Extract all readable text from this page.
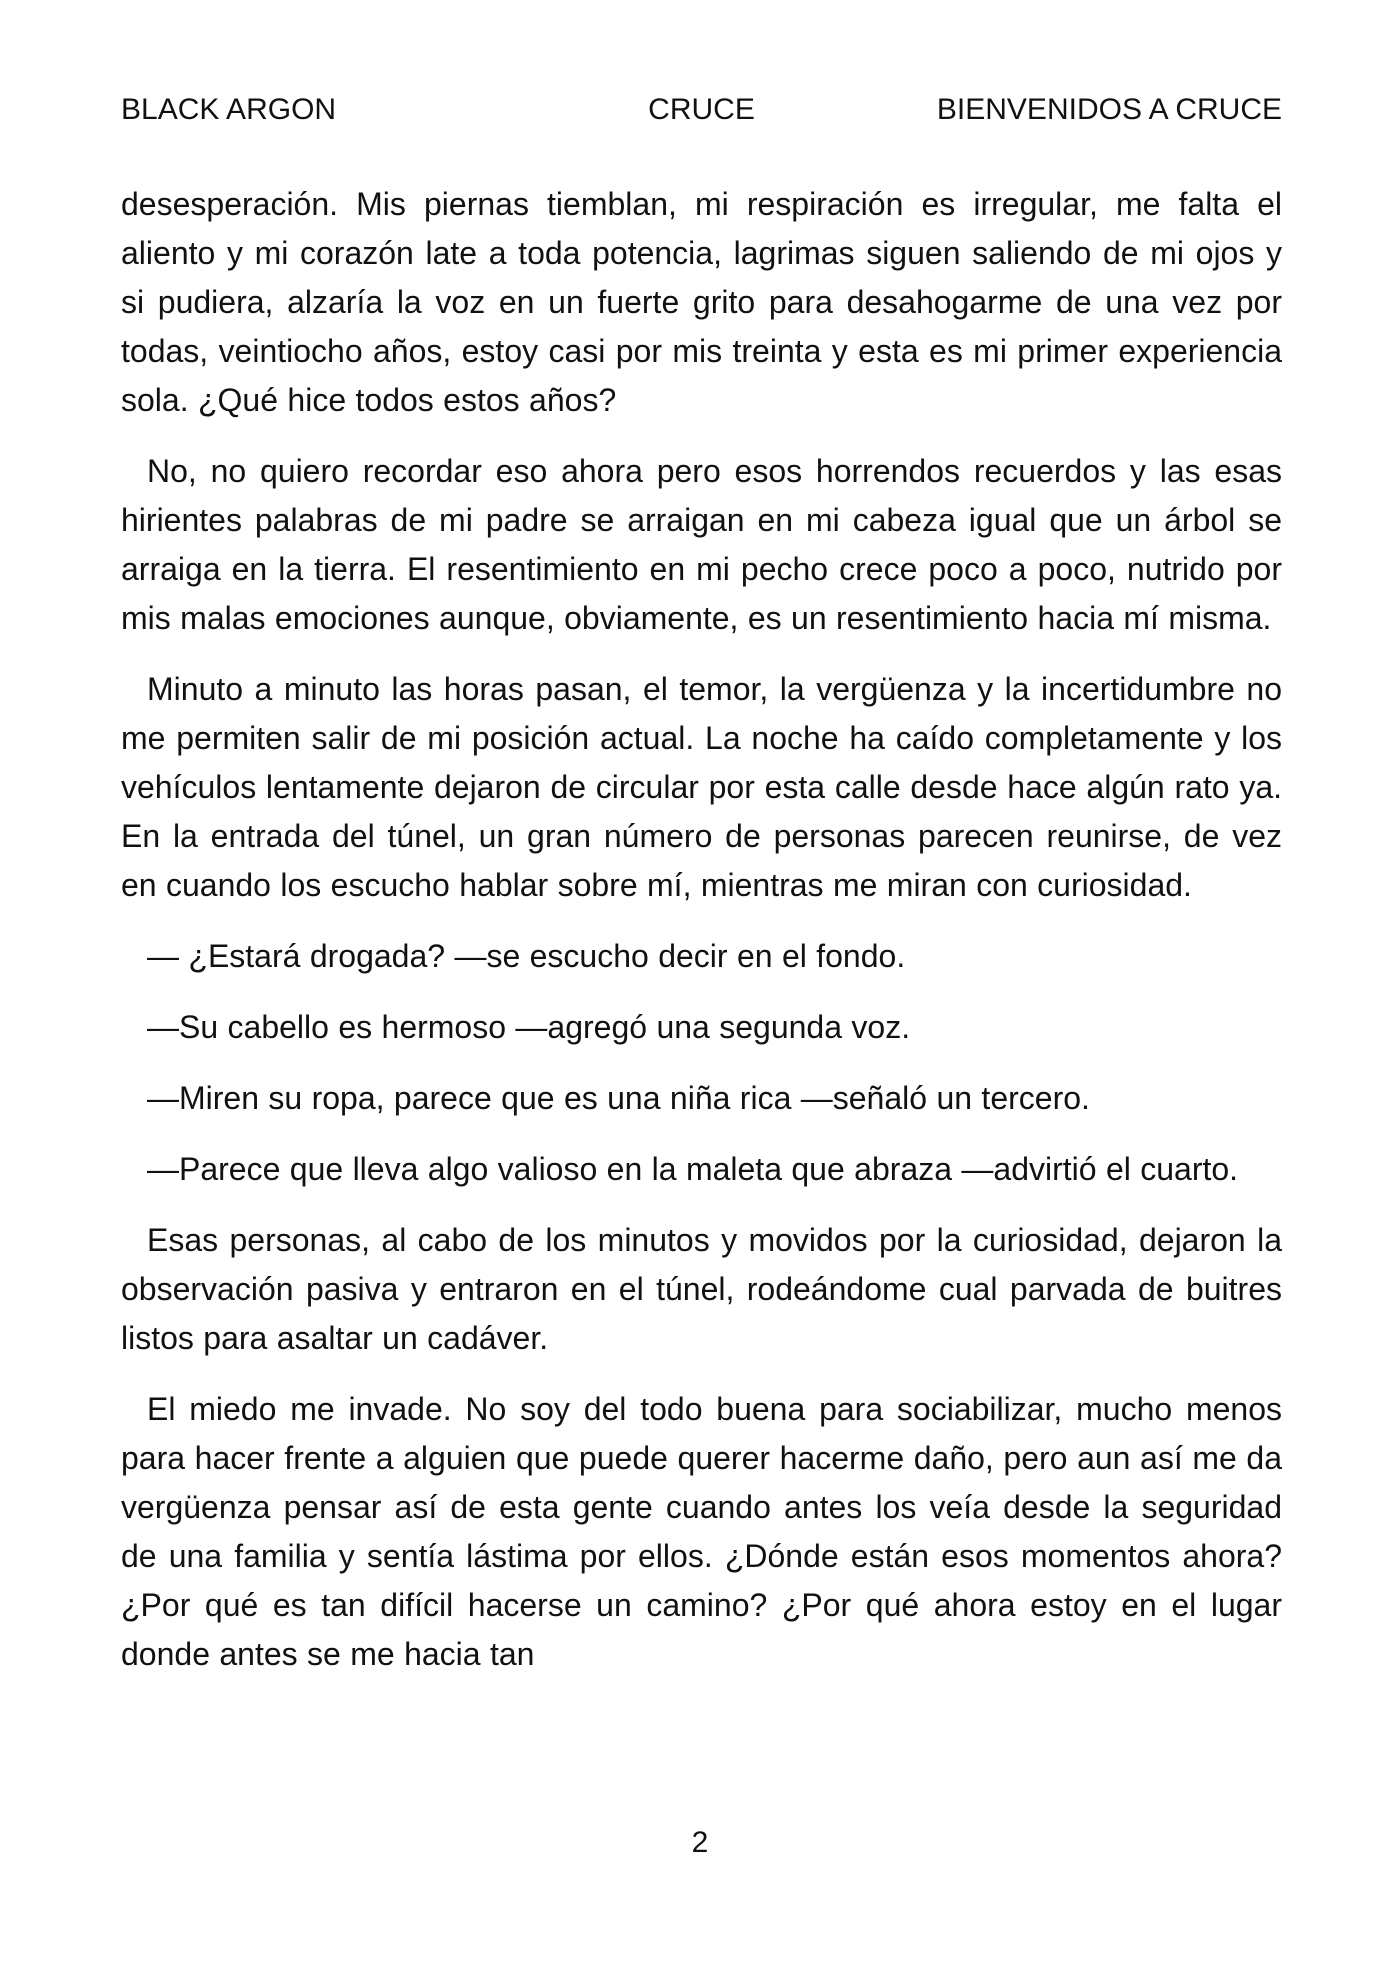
BLACK ARGON	CRUCE	BIENVENIDOS A CRUCE

desesperación. Mis piernas tiemblan, mi respiración es irregular, me falta el aliento y mi corazón late a toda potencia, lagrimas siguen saliendo de mi ojos y si pudiera, alzaría la voz en un fuerte grito para desahogarme de una vez por todas, veintiocho años, estoy casi por mis treinta y esta es mi primer experiencia sola. ¿Qué hice todos estos años?

No, no quiero recordar eso ahora pero esos horrendos recuerdos y las esas hirientes palabras de mi padre se arraigan en mi cabeza igual que un árbol se arraiga en la tierra. El resentimiento en mi pecho crece poco a poco, nutrido por mis malas emociones aunque, obviamente, es un resentimiento hacia mí misma.

Minuto a minuto las horas pasan, el temor, la vergüenza y la incertidumbre no me permiten salir de mi posición actual. La noche ha caído completamente y los vehículos lentamente dejaron de circular por esta calle desde hace algún rato ya. En la entrada del túnel, un gran número de personas parecen reunirse, de vez en cuando los escucho hablar sobre mí, mientras me miran con curiosidad.

— ¿Estará drogada? —se escucho decir en el fondo.

—Su cabello es hermoso —agregó una segunda voz.

—Miren su ropa, parece que es una niña rica —señaló un tercero.

—Parece que lleva algo valioso en la maleta que abraza —advirtió el cuarto.

Esas personas, al cabo de los minutos y movidos por la curiosidad, dejaron la observación pasiva y entraron en el túnel, rodeándome cual parvada de buitres listos para asaltar un cadáver.

El miedo me invade. No soy del todo buena para sociabilizar, mucho menos para hacer frente a alguien que puede querer hacerme daño, pero aun así me da vergüenza pensar así de esta gente cuando antes los veía desde la seguridad de una familia y sentía lástima por ellos. ¿Dónde están esos momentos ahora? ¿Por qué es tan difícil hacerse un camino? ¿Por qué ahora estoy en el lugar donde antes se me hacia tan

2
